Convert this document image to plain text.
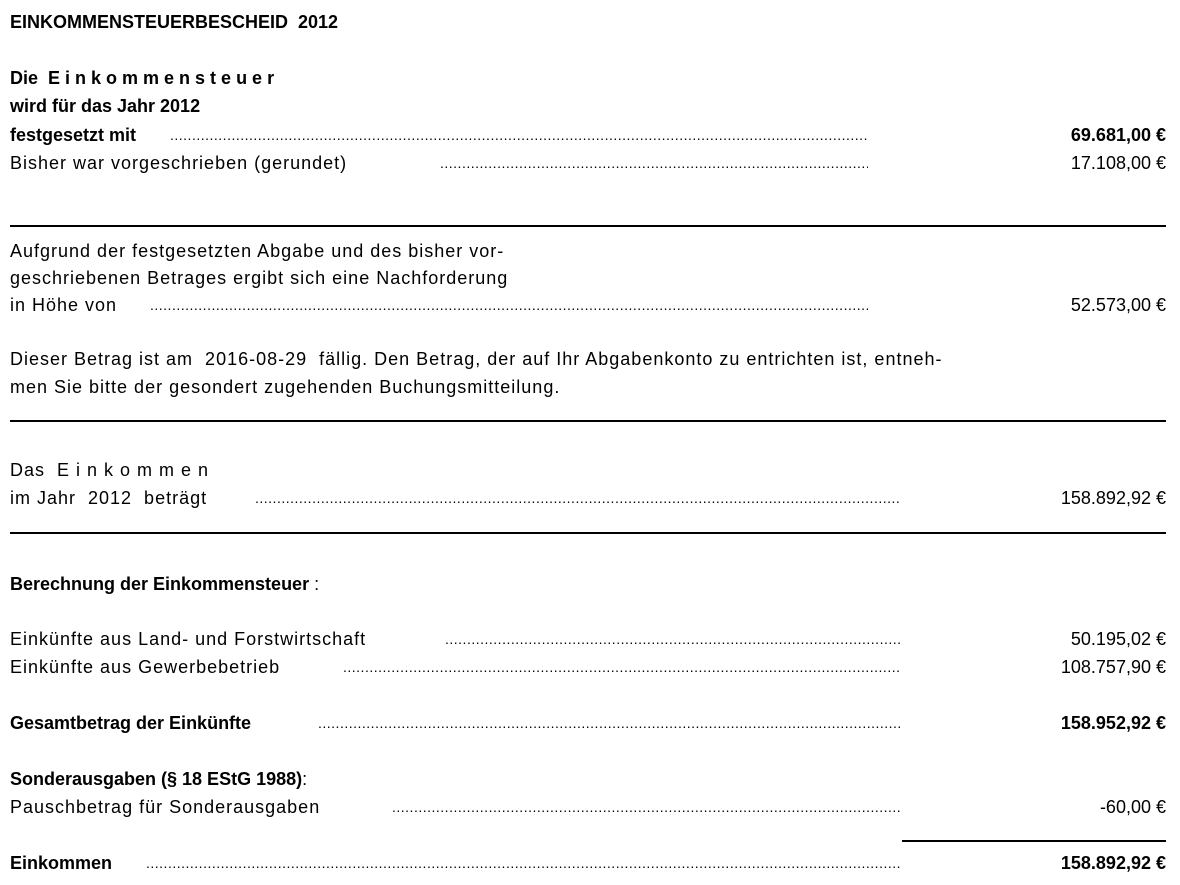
EINKOMMENSTEUERBESCHEID  2012
Die  E i n k o m m e n s t e u e r
wird für das Jahr 2012
festgesetzt mit .....	69.681,00 €
Bisher war vorgeschrieben (gerundet) .....	17.108,00 €
Aufgrund der festgesetzten Abgabe und des bisher vor-
geschriebenen Betrages ergibt sich eine Nachforderung
in Höhe von .....	52.573,00 €
Dieser Betrag ist am  2016-08-29  fällig. Den Betrag, der auf Ihr Abgabenkonto zu entrichten ist, entneh-
men Sie bitte der gesondert zugehenden Buchungsmitteilung.
Das  E i n k o m m e n
im Jahr  2012  beträgt .....	158.892,92 €
Berechnung der Einkommensteuer :
Einkünfte aus Land- und Forstwirtschaft .....	50.195,02 €
Einkünfte aus Gewerbebetrieb .....	108.757,90 €
Gesamtbetrag der Einkünfte .....	158.952,92 €
Sonderausgaben (§ 18 EStG 1988):
Pauschbetrag für Sonderausgaben .....	-60,00 €
Einkommen .....	158.892,92 €
